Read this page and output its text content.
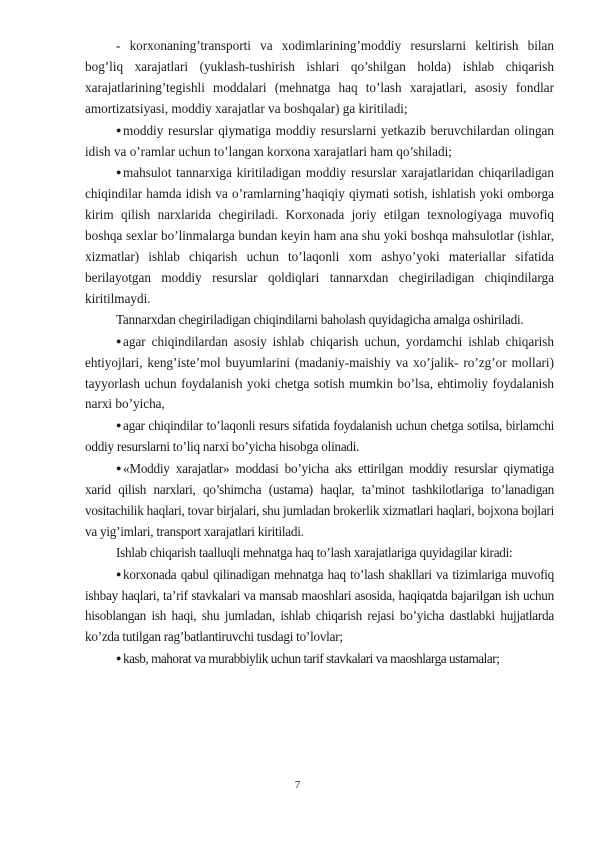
- korxonaning’transporti va xodimlarining’moddiy resurslarni keltirish bilan bog’liq xarajatlari (yuklash-tushirish ishlari qo’shilgan holda) ishlab chiqarish xarajatlarining’tegishli moddalari (mehnatga haq to’lash xarajatlari, asosiy fondlar amortizatsiyasi, moddiy xarajatlar va boshqalar) ga kiritiladi;

● moddiy resurslar qiymatiga moddiy resurslarni yetkazib beruvchilardan olingan idish va o’ramlar uchun to’langan korxona xarajatlari ham qo’shiladi;

● mahsulot tannarxiga kiritiladigan moddiy resurslar xarajatlaridan chiqariladigan chiqindilar hamda idish va o’ramlarning’haqiqiy qiymati sotish, ishlatish yoki omborga kirim qilish narxlarida chegiriladi. Korxonada joriy etilgan texnologiyaga muvofiq boshqa sexlar bo’linmalarga bundan keyin ham ana shu yoki boshqa mahsulotlar (ishlar, xizmatlar) ishlab chiqarish uchun to’laqonli xom ashyo’yoki materiallar sifatida berilayotgan moddiy resurslar qoldiqlari tannarxdan chegiriladigan chiqindilarga kiritilmaydi.

Tannarxdan chegiriladigan chiqindilarni baholash quyidagicha amalga oshiriladi.

● agar chiqindilardan asosiy ishlab chiqarish uchun, yordamchi ishlab chiqarish ehtiyojlari, keng’iste’mol buyumlarini (madaniy-maishiy va xo’jalik- ro’zg’or mollari) tayyorlash uchun foydalanish yoki chetga sotish mumkin bo’lsa, ehtimoliy foydalanish narxi bo’yicha,

● agar chiqindilar to’laqonli resurs sifatida foydalanish uchun chetga sotilsa, birlamchi oddiy resurslarni to’liq narxi bo’yicha hisobga olinadi.

● «Moddiy xarajatlar» moddasi bo’yicha aks ettirilgan moddiy resurslar qiymatiga xarid qilish narxlari, qo’shimcha (ustama) haqlar, ta’minot tashkilotlariga to’lanadigan vositachilik haqlari, tovar birjalari, shu jumladan brokerlik xizmatlari haqlari, bojxona bojlari va yig’imlari, transport xarajatlari kiritiladi.

Ishlab chiqarish taalluqli mehnatga haq to’lash xarajatlariga quyidagilar kiradi:

● korxonada qabul qilinadigan mehnatga haq to’lash shakllari va tizimlariga muvofiq ishbay haqlari, ta’rif stavkalari va mansab maoshlari asosida, haqiqatda bajarilgan ish uchun hisoblangan ish haqi, shu jumladan, ishlab chiqarish rejasi bo’yicha dastlabki hujjatlarda ko’zda tutilgan rag’batlantiruvchi tusdagi to’lovlar;

● kasb, mahorat va murabbiylik uchun tarif stavkalari va maoshlarga ustamalar;

7
